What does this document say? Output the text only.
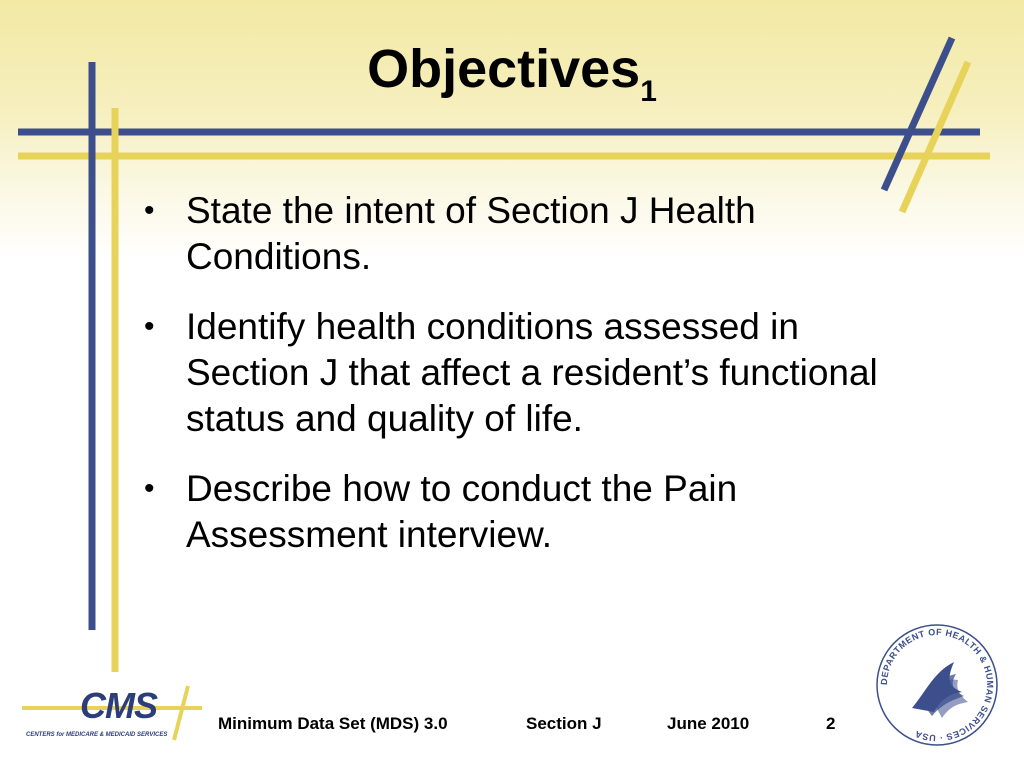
Objectives$_1$
• State the intent of Section J Health Conditions.
• Identify health conditions assessed in Section J that affect a resident’s functional status and quality of life.
• Describe how to conduct the Pain Assessment interview.
CMS
CENTERS for MEDICARE & MEDICAID SERVICES
DEPARTMENT OF HEALTH & HUMAN SERVICES · USA
Minimum Data Set (MDS) 3.0	Section J	June 2010	2
